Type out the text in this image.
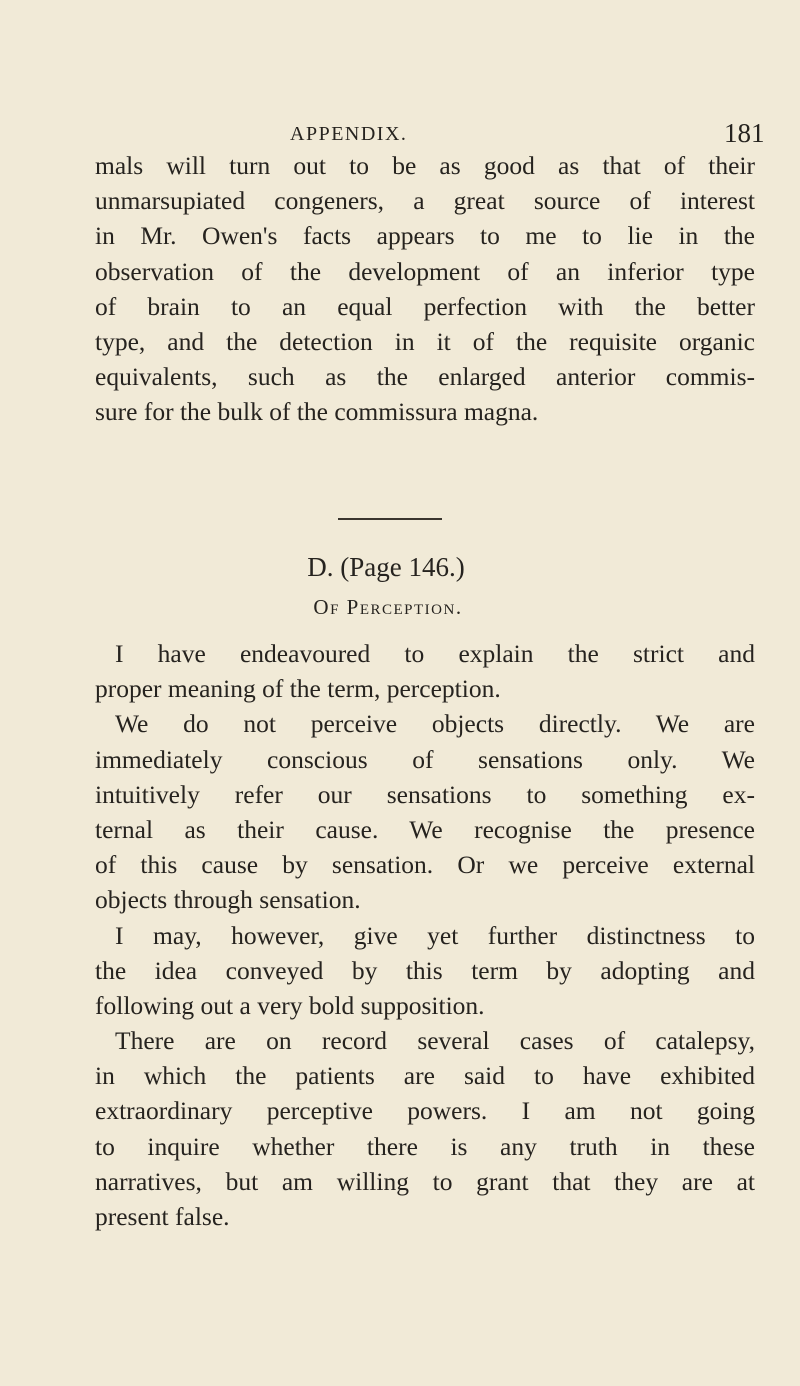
APPENDIX.	181
mals will turn out to be as good as that of their
unmarsupiated congeners, a great source of interest
in Mr. Owen's facts appears to me to lie in the
observation of the development of an inferior type
of brain to an equal perfection with the better
type, and the detection in it of the requisite organic
equivalents, such as the enlarged anterior commis-
sure for the bulk of the commissura magna.
D. (Page 146.)
Of Perception.
I have endeavoured to explain the strict and
proper meaning of the term, perception.
We do not perceive objects directly. We are
immediately conscious of sensations only. We
intuitively refer our sensations to something ex-
ternal as their cause. We recognise the presence
of this cause by sensation. Or we perceive external
objects through sensation.
I may, however, give yet further distinctness to
the idea conveyed by this term by adopting and
following out a very bold supposition.
There are on record several cases of catalepsy,
in which the patients are said to have exhibited
extraordinary perceptive powers. I am not going
to inquire whether there is any truth in these
narratives, but am willing to grant that they are at
present false.
